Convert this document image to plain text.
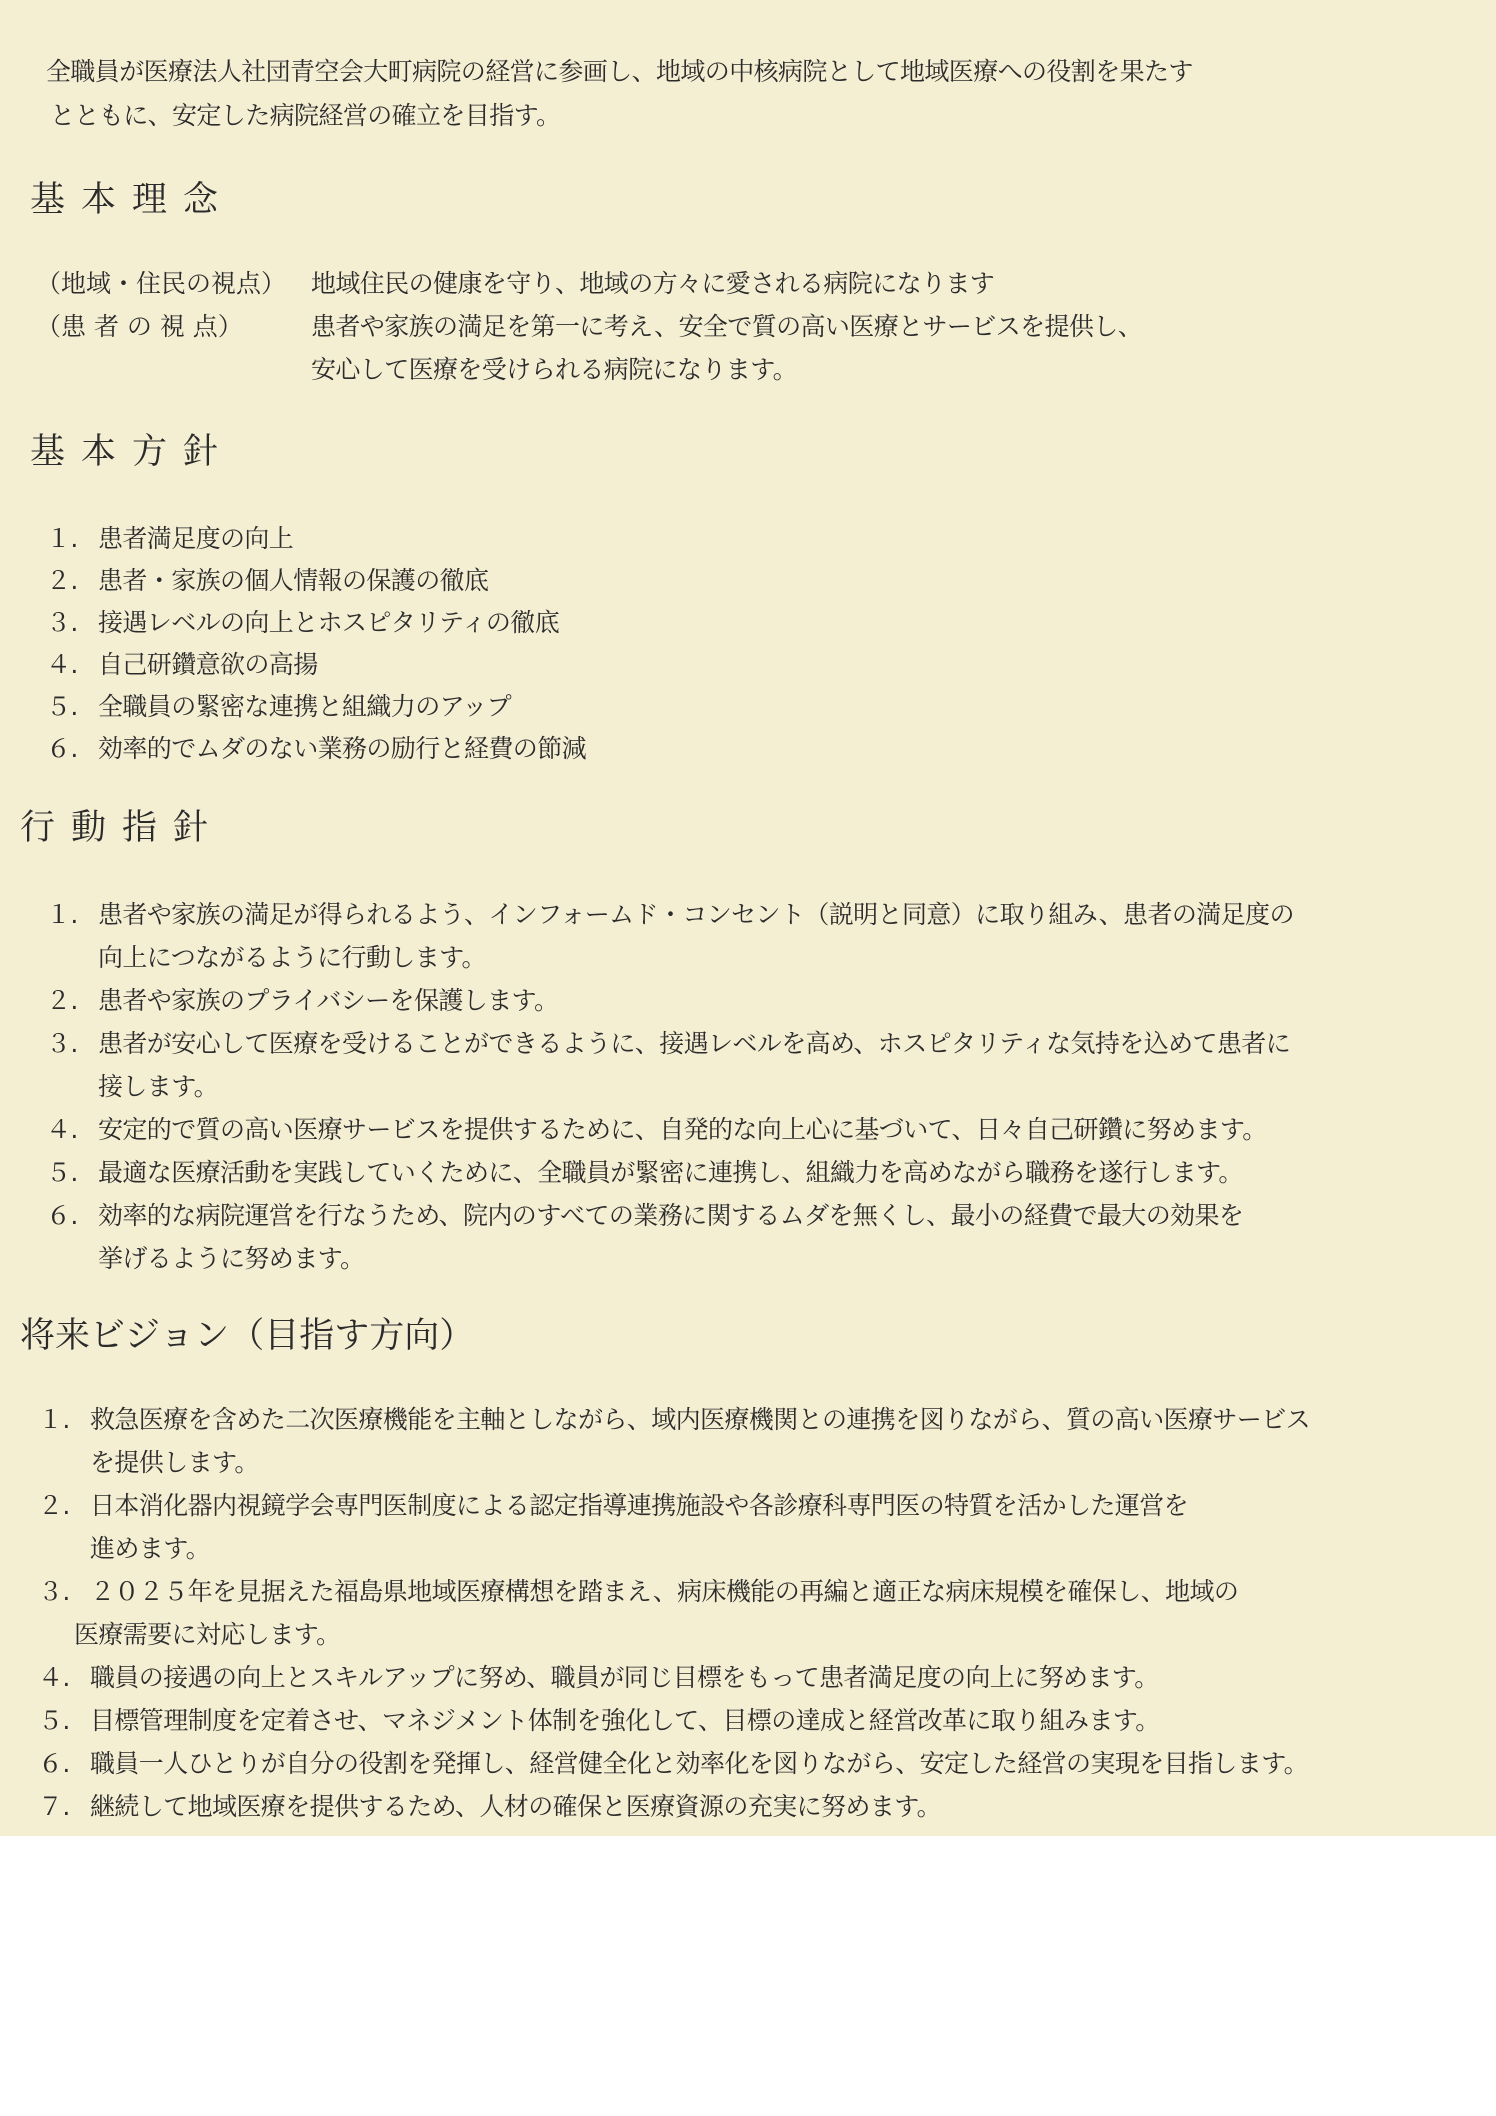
全職員が医療法人社団青空会大町病院の経営に参画し、地域の中核病院として地域医療への役割を果たす
とともに、安定した病院経営の確立を目指す。
基本理念
（地域・住民の視点） 地域住民の健康を守り、地域の方々に愛される病院になります
（患 者 の 視 点）	患者や家族の満足を第一に考え、安全で質の高い医療とサービスを提供し、
安心して医療を受けられる病院になります。
基本方針
１. 患者満足度の向上
２. 患者・家族の個人情報の保護の徹底
３. 接遇レベルの向上とホスピタリティの徹底
４. 自己研鑽意欲の高揚
５. 全職員の緊密な連携と組織力のアップ
６. 効率的でムダのない業務の励行と経費の節減
行動指針
１. 患者や家族の満足が得られるよう、インフォームド・コンセント（説明と同意）に取り組み、患者の満足度の
向上につながるように行動します。
２. 患者や家族のプライバシーを保護します。
３. 患者が安心して医療を受けることができるように、接遇レベルを高め、ホスピタリティな気持を込めて患者に
接します。
４. 安定的で質の高い医療サービスを提供するために、自発的な向上心に基づいて、日々自己研鑽に努めます。
５. 最適な医療活動を実践していくために、全職員が緊密に連携し、組織力を高めながら職務を遂行します。
６. 効率的な病院運営を行なうため、院内のすべての業務に関するムダを無くし、最小の経費で最大の効果を
挙げるように努めます。
将来ビジョン（目指す方向）
１. 救急医療を含めた二次医療機能を主軸としながら、域内医療機関との連携を図りながら、質の高い医療サービス
を提供します。
２. 日本消化器内視鏡学会専門医制度による認定指導連携施設や各診療科専門医の特質を活かした運営を
進めます。
３. ２０２５年を見据えた福島県地域医療構想を踏まえ、病床機能の再編と適正な病床規模を確保し、地域の
医療需要に対応します。
４. 職員の接遇の向上とスキルアップに努め、職員が同じ目標をもって患者満足度の向上に努めます。
５. 目標管理制度を定着させ、マネジメント体制を強化して、目標の達成と経営改革に取り組みます。
６. 職員一人ひとりが自分の役割を発揮し、経営健全化と効率化を図りながら、安定した経営の実現を目指します。
７. 継続して地域医療を提供するため、人材の確保と医療資源の充実に努めます。
